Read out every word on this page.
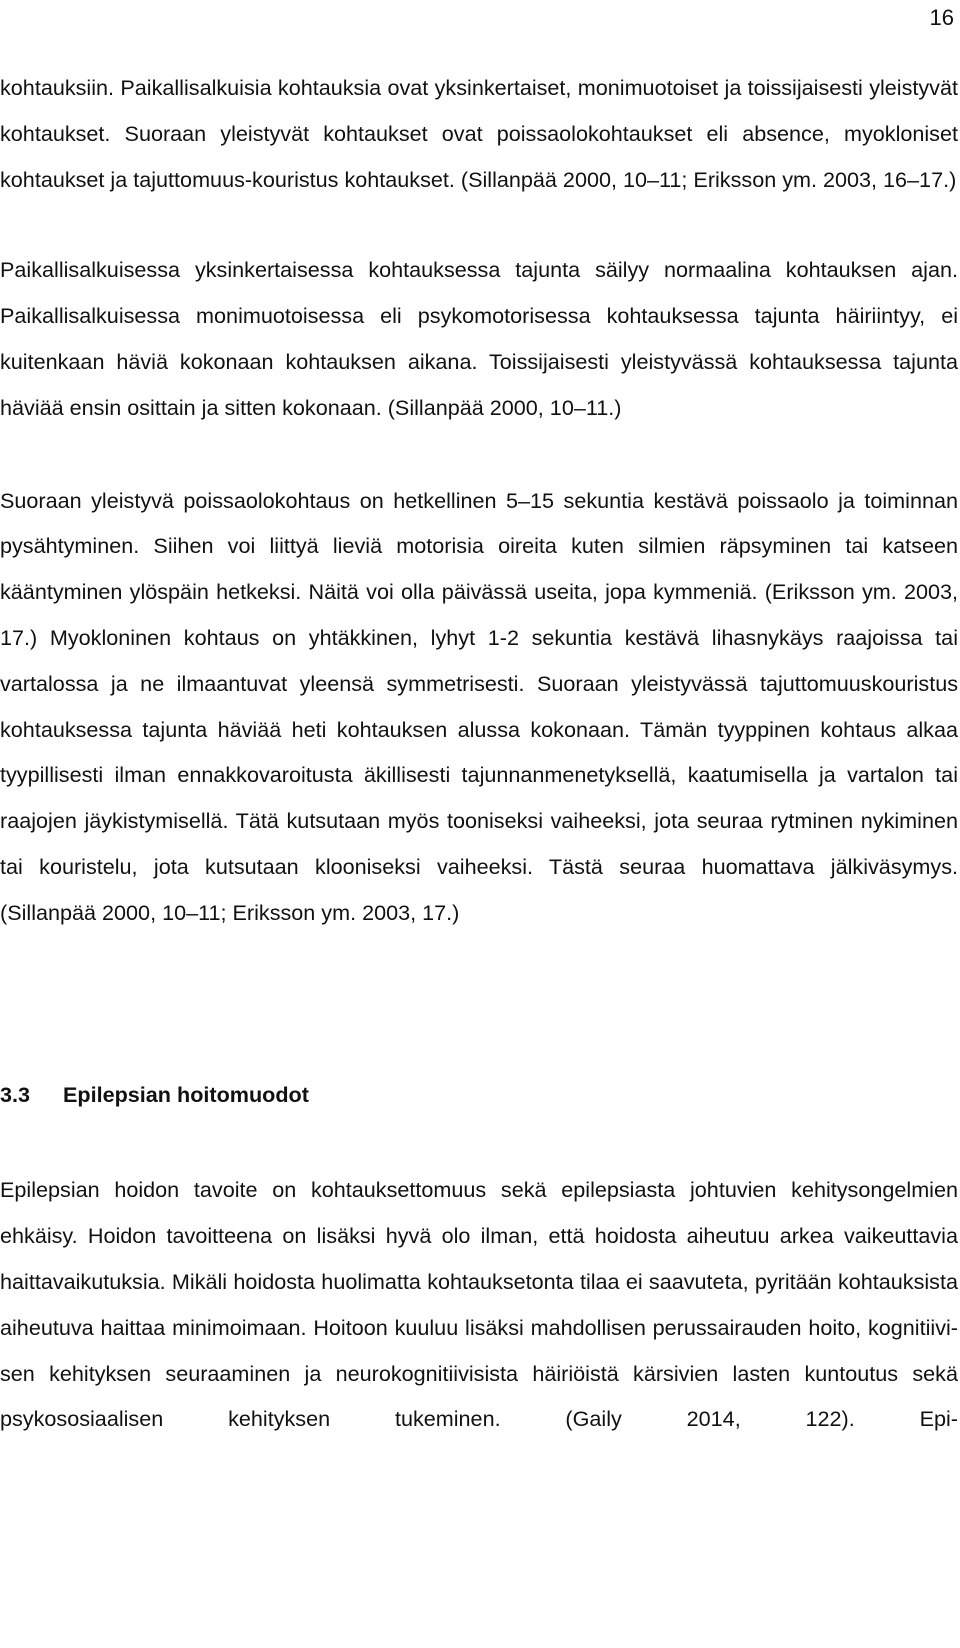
16

kohtauksiin. Paikallisalkuisia kohtauksia ovat yksinkertaiset, monimuotoiset ja toissijaisesti yleistyvät kohtaukset. Suoraan yleistyvät kohtaukset ovat poissaolokohtaukset eli absence, myokloniset kohtaukset ja tajuttomuus-kouristus kohtaukset. (Sillanpää 2000, 10–11; Eriksson ym. 2003, 16–17.)

Paikallisalkuisessa yksinkertaisessa kohtauksessa tajunta säilyy normaalina kohtauksen ajan. Paikallisalkuisessa monimuotoisessa eli psykomotorisessa kohtauksessa tajunta häiriintyy, ei kuitenkaan häviä kokonaan kohtauksen aikana. Toissijaisesti yleistyvässä kohtauksessa tajunta häviää ensin osittain ja sitten kokonaan. (Sillanpää 2000, 10–11.)

Suoraan yleistyvä poissaolokohtaus on hetkellinen 5–15 sekuntia kestävä poissaolo ja toiminnan pysähtyminen. Siihen voi liittyä lieviä motorisia oireita kuten silmien räpsyminen tai katseen kääntyminen ylöspäin hetkeksi. Näitä voi olla päivässä useita, jopa kymmeniä. (Eriksson ym. 2003, 17.) Myokloninen kohtaus on yhtäkkinen, lyhyt 1-2 sekuntia kestävä lihasnykäys raajoissa tai vartalossa ja ne ilmaantuvat yleensä symmetrisesti. Suoraan yleistyvässä tajuttomuuskouristus kohtauksessa tajunta häviää heti kohtauksen alussa kokonaan. Tämän tyyppinen kohtaus alkaa tyypillisesti ilman ennakkovaroitusta äkillisesti tajunnanmenetyksellä, kaatumisella ja vartalon tai raajojen jäykistymisellä. Tätä kutsutaan myös tooniseksi vaiheeksi, jota seuraa rytminen nykiminen tai kouristelu, jota kutsutaan klooniseksi vaiheeksi. Tästä seuraa huomattava jälkiväsymys. (Sillanpää 2000, 10–11; Eriksson ym. 2003, 17.)

3.3	Epilepsian hoitomuodot

Epilepsian hoidon tavoite on kohtauksettomuus sekä epilepsiasta johtuvien kehitysongelmien ehkäisy. Hoidon tavoitteena on lisäksi hyvä olo ilman, että hoidosta aiheutuu arkea vaikeuttavia haittavaikutuksia. Mikäli hoidosta huolimatta kohtauksetonta tilaa ei saavuteta, pyritään kohtauksista aiheutuva haittaa minimoimaan. Hoitoon kuuluu lisäksi mahdollisen perussairauden hoito, kognitiivisen kehityksen seuraaminen ja neurokognitiivisista häiriöistä kärsivien lasten kuntoutus sekä psykososiaalisen kehityksen tukeminen. (Gaily 2014, 122). Epi-
